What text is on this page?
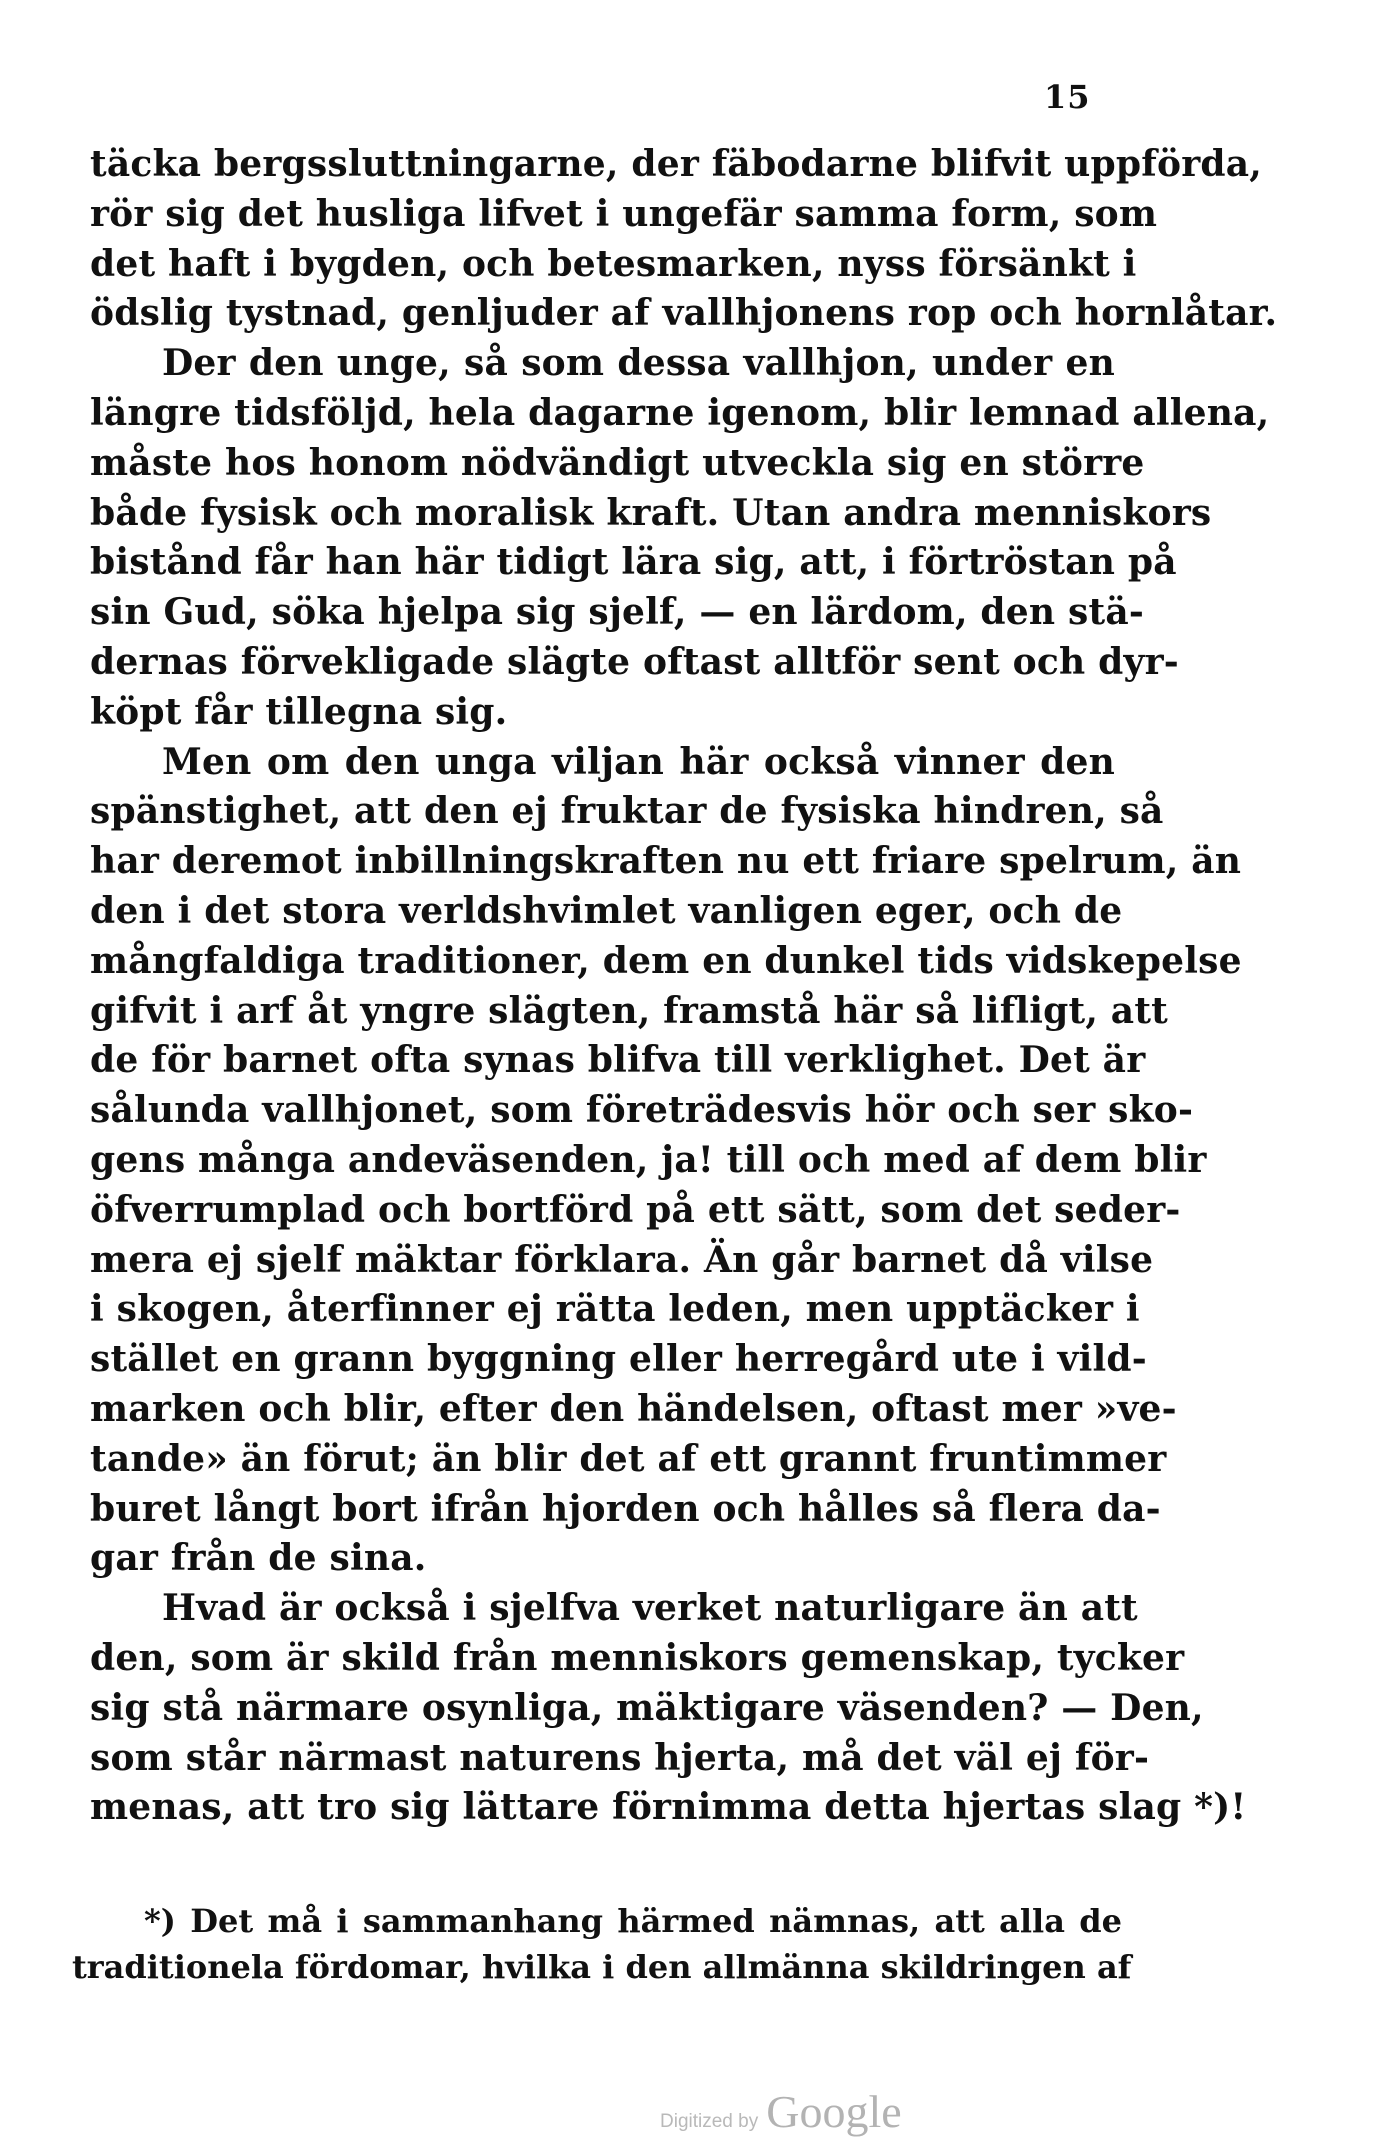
15
täcka bergssluttningarne, der fäbodarne blifvit uppförda,
rör sig det husliga lifvet i ungefär samma form, som
det haft i bygden, och betesmarken, nyss försänkt i
ödslig tystnad, genljuder af vallhjonens rop och hornlåtar.
Der den unge, så som dessa vallhjon, under en
längre tidsföljd, hela dagarne igenom, blir lemnad allena,
måste hos honom nödvändigt utveckla sig en större
både fysisk och moralisk kraft. Utan andra menniskors
bistånd får han här tidigt lära sig, att, i förtröstan på
sin Gud, söka hjelpa sig sjelf, — en lärdom, den stä-
dernas förvekligade slägte oftast alltför sent och dyr-
köpt får tillegna sig.
Men om den unga viljan här också vinner den
spänstighet, att den ej fruktar de fysiska hindren, så
har deremot inbillningskraften nu ett friare spelrum, än
den i det stora verldshvimlet vanligen eger, och de
mångfaldiga traditioner, dem en dunkel tids vidskepelse
gifvit i arf åt yngre slägten, framstå här så lifligt, att
de för barnet ofta synas blifva till verklighet. Det är
sålunda vallhjonet, som företrädesvis hör och ser sko-
gens många andeväsenden, ja! till och med af dem blir
öfverrumplad och bortförd på ett sätt, som det seder-
mera ej sjelf mäktar förklara. Än går barnet då vilse
i skogen, återfinner ej rätta leden, men upptäcker i
stället en grann byggning eller herregård ute i vild-
marken och blir, efter den händelsen, oftast mer »ve-
tande» än förut; än blir det af ett grannt fruntimmer
buret långt bort ifrån hjorden och hålles så flera da-
gar från de sina.
Hvad är också i sjelfva verket naturligare än att
den, som är skild från menniskors gemenskap, tycker
sig stå närmare osynliga, mäktigare väsenden? — Den,
som står närmast naturens hjerta, må det väl ej för-
menas, att tro sig lättare förnimma detta hjertas slag *)!
*) Det må i sammanhang härmed nämnas, att alla de
traditionela fördomar, hvilka i den allmänna skildringen af
Digitized by Google
